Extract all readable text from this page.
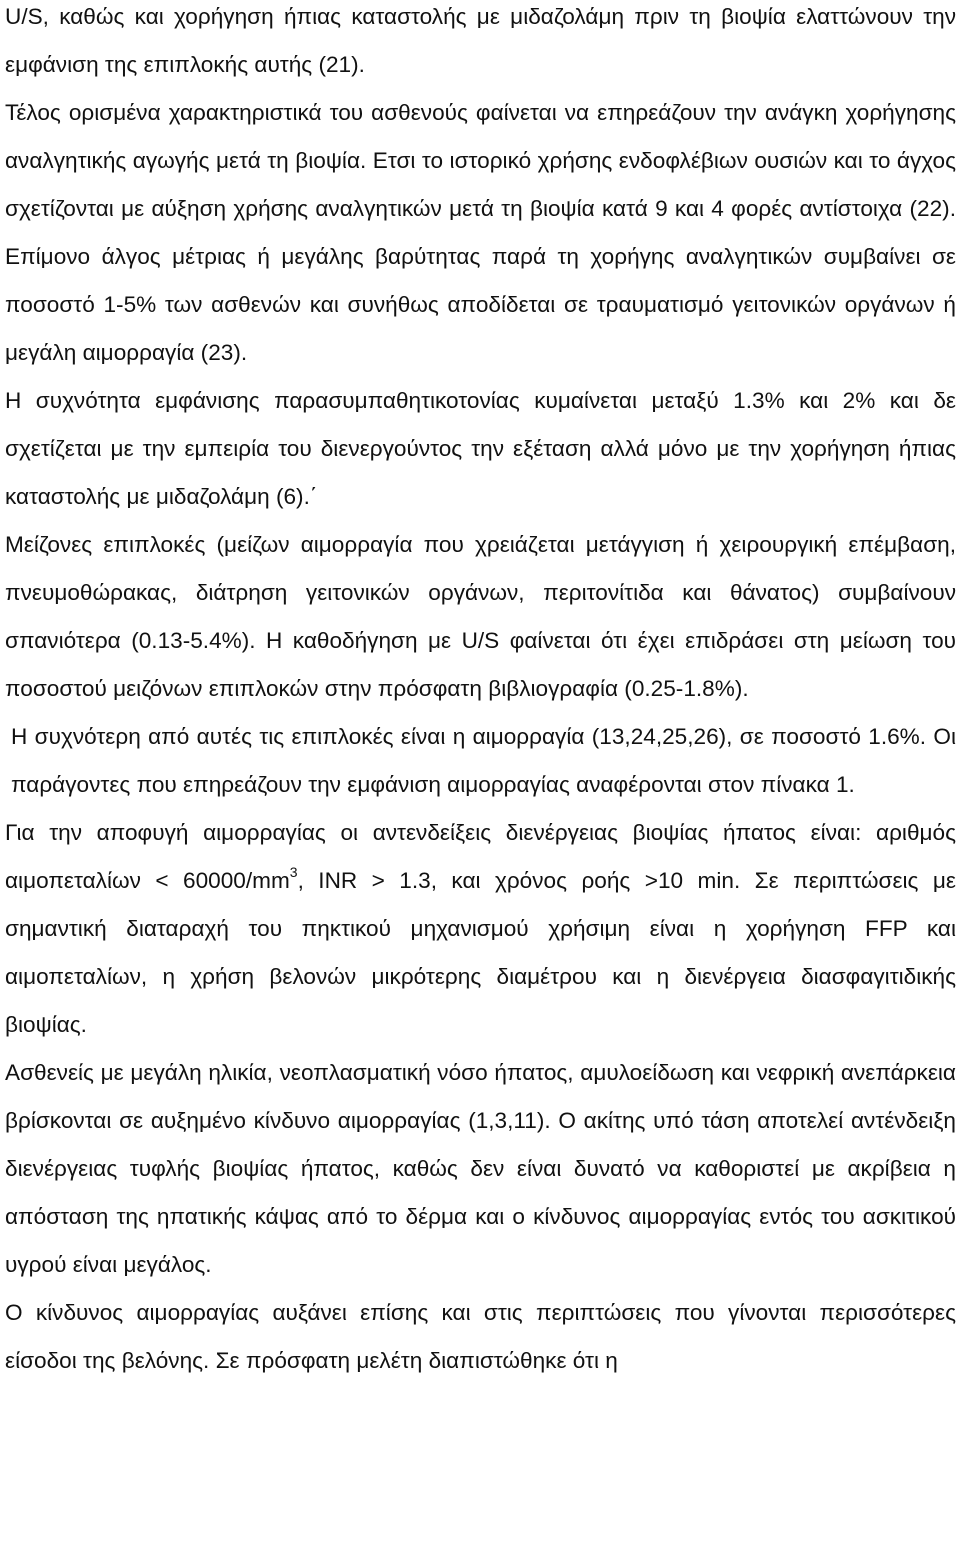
U/S, καθώς και χορήγηση ήπιας καταστολής με μιδαζολάμη πριν τη βιοψία ελαττώνουν την εμφάνιση της επιπλοκής αυτής (21).

Τέλος ορισμένα χαρακτηριστικά του ασθενούς φαίνεται να επηρεάζουν την ανάγκη χορήγησης αναλγητικής αγωγής μετά τη βιοψία. Ετσι το ιστορικό χρήσης ενδοφλέβιων ουσιών και το άγχος σχετίζονται με αύξηση χρήσης αναλγητικών μετά τη βιοψία κατά 9 και 4 φορές αντίστοιχα (22). Επίμονο άλγος μέτριας ή μεγάλης βαρύτητας παρά τη χορήγης αναλγητικών συμβαίνει σε ποσοστό 1-5% των ασθενών και συνήθως αποδίδεται σε τραυματισμό γειτονικών οργάνων ή μεγάλη αιμορραγία (23).

Η συχνότητα εμφάνισης παρασυμπαθητικοτονίας κυμαίνεται μεταξύ 1.3% και 2% και δε σχετίζεται με την εμπειρία του διενεργούντος την εξέταση αλλά μόνο με την χορήγηση ήπιας καταστολής με μιδαζολάμη (6).΄

Μείζονες επιπλοκές (μείζων αιμορραγία που χρειάζεται μετάγγιση ή χειρουργική επέμβαση, πνευμοθώρακας, διάτρηση γειτονικών οργάνων, περιτονίτιδα και θάνατος) συμβαίνουν σπανιότερα (0.13-5.4%). Η καθοδήγηση με U/S φαίνεται ότι έχει επιδράσει στη μείωση του ποσοστού μειζόνων επιπλοκών στην πρόσφατη βιβλιογραφία (0.25-1.8%).

Η συχνότερη από αυτές τις επιπλοκές είναι η αιμορραγία (13,24,25,26), σε ποσοστό 1.6%. Οι παράγοντες που επηρεάζουν την εμφάνιση αιμορραγίας αναφέρονται στον πίνακα 1.

Για την αποφυγή αιμορραγίας οι αντενδείξεις διενέργειας βιοψίας ήπατος είναι: αριθμός $\alpha\iota\mu o\pi\varepsilon\tau\alpha\lambda ί\omega\nu < 60000/mm^3$, INR > 1.3, και χρόνος ροής >10 min. Σε περιπτώσεις με σημαντική διαταραχή του πηκτικού μηχανισμού χρήσιμη είναι η χορήγηση FFP και αιμοπεταλίων, η χρήση βελονών μικρότερης διαμέτρου και η διενέργεια διασφαγιτιδικής βιοψίας.

Ασθενείς με μεγάλη ηλικία, νεοπλασματική νόσο ήπατος, αμυλοείδωση και νεφρική ανεπάρκεια βρίσκονται σε αυξημένο κίνδυνο αιμορραγίας (1,3,11). Ο ακίτης υπό τάση αποτελεί αντένδειξη διενέργειας τυφλής βιοψίας ήπατος, καθώς δεν είναι δυνατό να καθοριστεί με ακρίβεια η απόσταση της ηπατικής κάψας από το δέρμα και ο κίνδυνος αιμορραγίας εντός του ασκιτικού υγρού είναι μεγάλος.

Ο κίνδυνος αιμορραγίας αυξάνει επίσης και στις περιπτώσεις που γίνονται περισσότερες είσοδοι της βελόνης. Σε πρόσφατη μελέτη διαπιστώθηκε ότι η
